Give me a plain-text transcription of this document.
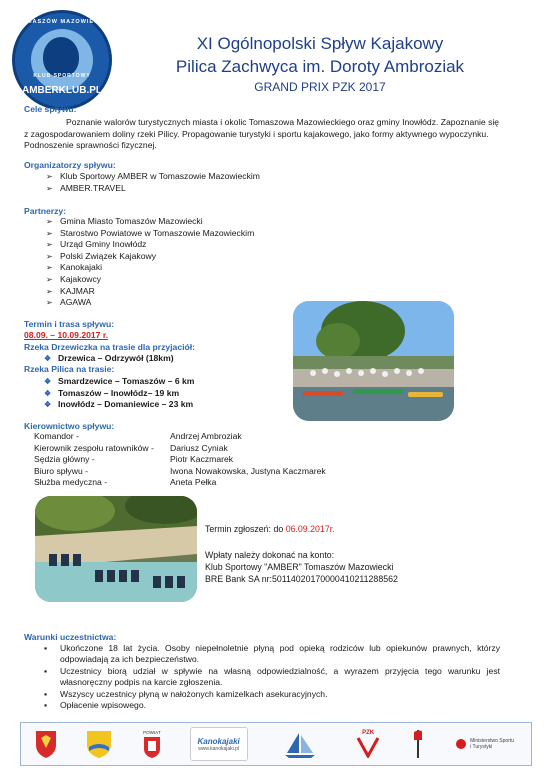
TOMASZÓW MAZOWIECKI
KLUB SPORTOWY
AMBERKLUB.PL
XI Ogólnopolski Spływ Kajakowy
Pilica Zachwyca im. Doroty Ambroziak
GRAND PRIX PZK 2017
Cele spływu:
Poznanie walorów turystycznych miasta i okolic Tomaszowa Mazowieckiego oraz gminy Inowłódz. Zapoznanie się
z zagospodarowaniem doliny rzeki Pilicy. Propagowanie turystyki i sportu kajakowego, jako formy aktywnego wypoczynku. Podnoszenie sprawności fizycznej.
Organizatorzy spływu:
➢ Klub Sportowy AMBER w Tomaszowie Mazowieckim
➢ AMBER.TRAVEL
Partnerzy:
➢ Gmina Miasto Tomaszów Mazowiecki
➢ Starostwo Powiatowe w Tomaszowie Mazowieckim
➢ Urząd Gminy Inowłódz
➢ Polski Związek Kajakowy
➢ Kanokajaki
➢ Kajakowcy
➢ KAJMAR
➢ AGAWA
Termin i trasa spływu:
08.09. – 10.09.2017 r.
Rzeka Drzewiczka na trasie dla przyjaciół:
❖ Drzewica – Odrzywół (18km)
Rzeka Pilica na trasie:
❖ Smardzewice – Tomaszów – 6 km
❖ Tomaszów – Inowłódz– 19 km
❖ Inowłódz – Domaniewice – 23 km
Kierownictwo spływu:
Komandor -	Andrzej Ambroziak
Kierownik zespołu ratowników - Dariusz Cyniak
Sędzia główny -	Piotr Kaczmarek
Biuro spływu -	Iwona Nowakowska, Justyna Kaczmarek
Służba medyczna -	Aneta Pełka
Termin zgłoszeń: do 06.09.2017r.
Wpłaty należy dokonać na konto:
Klub Sportowy "AMBER" Tomaszów Mazowiecki
BRE Bank SA nr:50114020170000410211288562
Warunki uczestnictwa:
▪ Ukończone 18 lat życia. Osoby niepełnoletnie płyną pod opieką rodziców lub opiekunów prawnych, którzy
odpowiadają za ich bezpieczeństwo.
▪ Uczestnicy biorą udział w spływie na własną odpowiedzialność, a wyrazem przyjęcia tego warunku jest
własnoręczny podpis na karcie zgłoszenia.
▪ Wszyscy uczestnicy płyną w nałożonych kamizelkach asekuracyjnych.
▪ Opłacenie wpisowego.
POWIAT
Kanokajaki
www.kanokajaki.pl
PZK
Ministerstwo Sportu i Turystyki
